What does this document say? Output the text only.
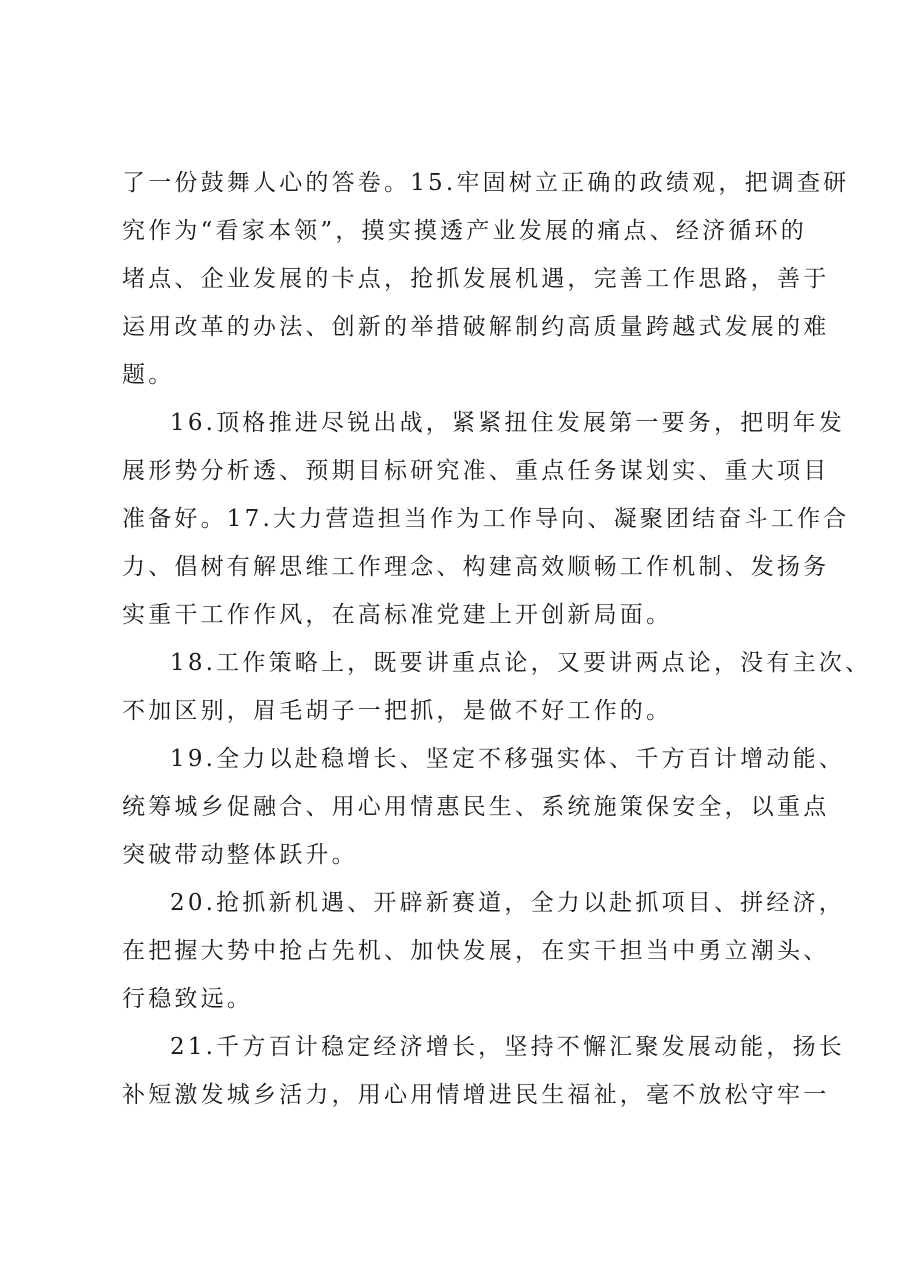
了一份鼓舞人心的答卷。15.牢固树立正确的政绩观，把调查研
究作为“看家本领”，摸实摸透产业发展的痛点、经济循环的
堵点、企业发展的卡点，抢抓发展机遇，完善工作思路，善于
运用改革的办法、创新的举措破解制约高质量跨越式发展的难
题。
16.顶格推进尽锐出战，紧紧扭住发展第一要务，把明年发
展形势分析透、预期目标研究准、重点任务谋划实、重大项目
准备好。17.大力营造担当作为工作导向、凝聚团结奋斗工作合
力、倡树有解思维工作理念、构建高效顺畅工作机制、发扬务
实重干工作作风，在高标准党建上开创新局面。
18.工作策略上，既要讲重点论，又要讲两点论，没有主次、
不加区别，眉毛胡子一把抓，是做不好工作的。
19.全力以赴稳增长、坚定不移强实体、千方百计增动能、
统筹城乡促融合、用心用情惠民生、系统施策保安全，以重点
突破带动整体跃升。
20.抢抓新机遇、开辟新赛道，全力以赴抓项目、拼经济，
在把握大势中抢占先机、加快发展，在实干担当中勇立潮头、
行稳致远。
21.千方百计稳定经济增长，坚持不懈汇聚发展动能，扬长
补短激发城乡活力，用心用情增进民生福祉，毫不放松守牢一
